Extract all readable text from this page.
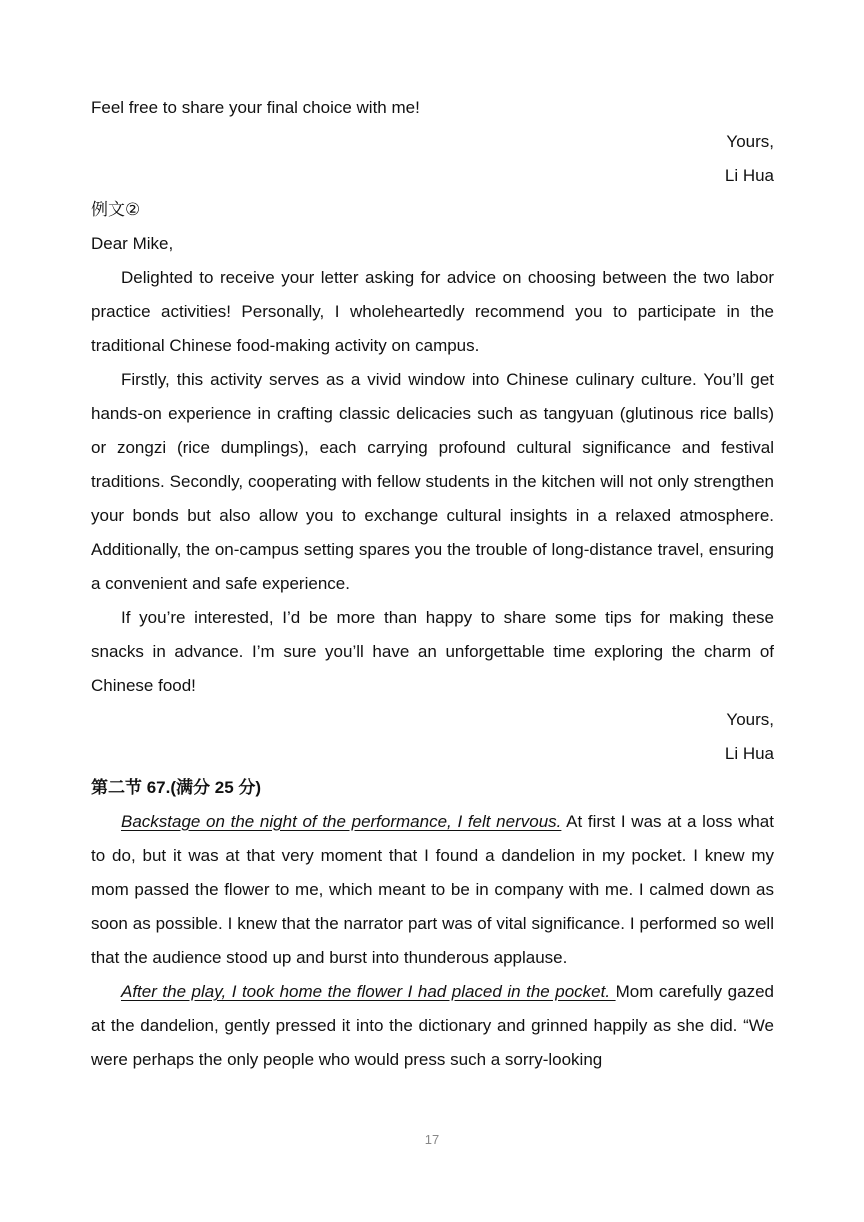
Feel free to share your final choice with me!

Yours,

Li Hua

例文②

Dear Mike,

Delighted to receive your letter asking for advice on choosing between the two labor practice activities! Personally, I wholeheartedly recommend you to participate in the traditional Chinese food-making activity on campus.

Firstly, this activity serves as a vivid window into Chinese culinary culture. You’ll get hands-on experience in crafting classic delicacies such as tangyuan (glutinous rice balls) or zongzi (rice dumplings), each carrying profound cultural significance and festival traditions. Secondly, cooperating with fellow students in the kitchen will not only strengthen your bonds but also allow you to exchange cultural insights in a relaxed atmosphere. Additionally, the on-campus setting spares you the trouble of long-distance travel, ensuring a convenient and safe experience.

If you’re interested, I’d be more than happy to share some tips for making these snacks in advance. I’m sure you’ll have an unforgettable time exploring the charm of Chinese food!

Yours,

Li Hua

第二节 67.(满分 25 分)

Backstage on the night of the performance, I felt nervous. At first I was at a loss what to do, but it was at that very moment that I found a dandelion in my pocket. I knew my mom passed the flower to me, which meant to be in company with me. I calmed down as soon as possible. I knew that the narrator part was of vital significance. I performed so well that the audience stood up and burst into thunderous applause.

After the play, I took home the flower I had placed in the pocket. Mom carefully gazed at the dandelion, gently pressed it into the dictionary and grinned happily as she did. “We were perhaps the only people who would press such a sorry-looking

17
